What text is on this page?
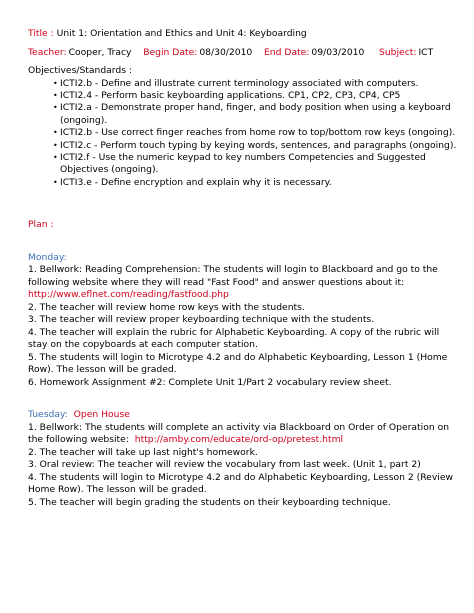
Title : Unit 1: Orientation and Ethics and Unit 4: Keyboarding
Teacher: Cooper, Tracy Begin Date: 08/30/2010 End Date: 09/03/2010 Subject: ICT
Objectives/Standards :
• ICTI2.b - Define and illustrate current terminology associated with computers.
• ICTI2.4 - Perform basic keyboarding applications. CP1, CP2, CP3, CP4, CP5
• ICTI2.a - Demonstrate proper hand, finger, and body position when using a keyboard (ongoing).
• ICTI2.b - Use correct finger reaches from home row to top/bottom row keys (ongoing).
• ICTI2.c - Perform touch typing by keying words, sentences, and paragraphs (ongoing).
• ICTI2.f - Use the numeric keypad to key numbers Competencies and Suggested Objectives (ongoing).
• ICTI3.e - Define encryption and explain why it is necessary.
Plan :
Monday:
1. Bellwork: Reading Comprehension: The students will login to Blackboard and go to the following website where they will read "Fast Food" and answer questions about it:
http://www.eflnet.com/reading/fastfood.php
2. The teacher will review home row keys with the students.
3. The teacher will review proper keyboarding technique with the students.
4. The teacher will explain the rubric for Alphabetic Keyboarding. A copy of the rubric will stay on the copyboards at each computer station.
5. The students will login to Microtype 4.2 and do Alphabetic Keyboarding, Lesson 1 (Home Row). The lesson will be graded.
6. Homework Assignment #2: Complete Unit 1/Part 2 vocabulary review sheet.
Tuesday: Open House
1. Bellwork: The students will complete an activity via Blackboard on Order of Operation on the following website: http://amby.com/educate/ord-op/pretest.html
2. The teacher will take up last night's homework.
3. Oral review: The teacher will review the vocabulary from last week. (Unit 1, part 2)
4. The students will login to Microtype 4.2 and do Alphabetic Keyboarding, Lesson 2 (Review Home Row). The lesson will be graded.
5. The teacher will begin grading the students on their keyboarding technique.
